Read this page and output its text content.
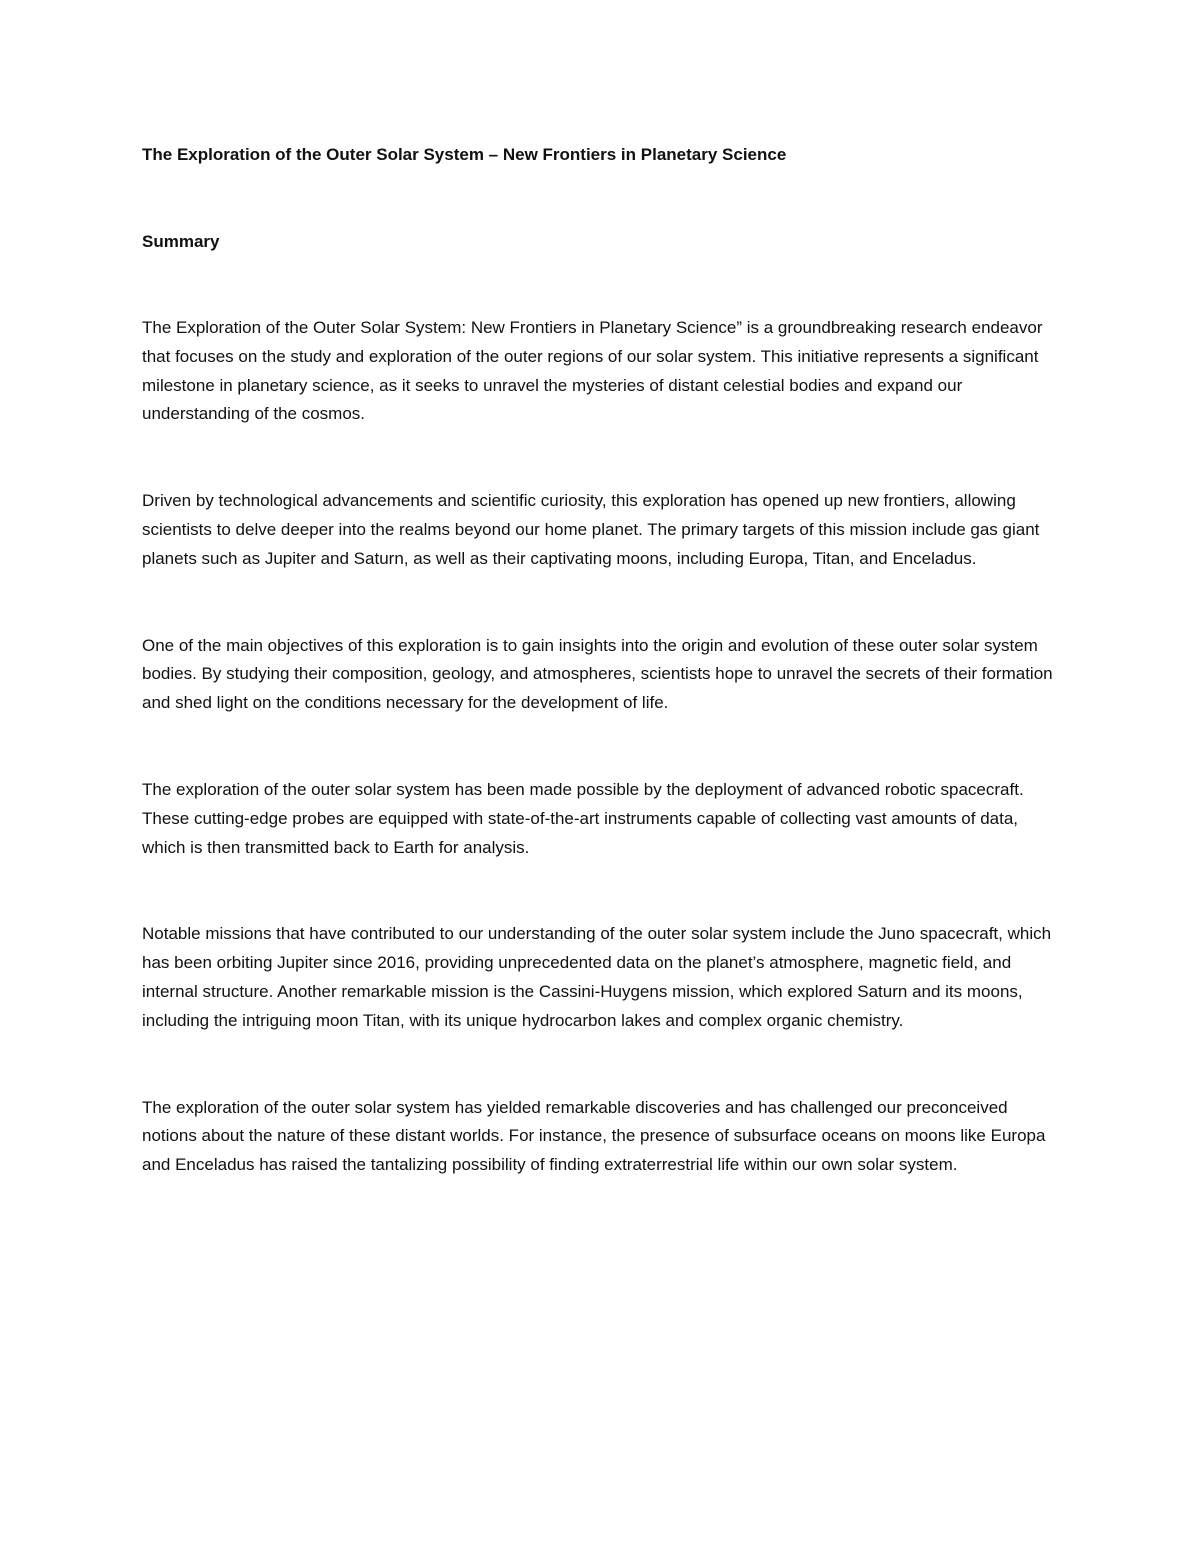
The Exploration of the Outer Solar System – New Frontiers in Planetary Science
Summary

The Exploration of the Outer Solar System: New Frontiers in Planetary Science” is a groundbreaking research endeavor that focuses on the study and exploration of the outer regions of our solar system. This initiative represents a significant milestone in planetary science, as it seeks to unravel the mysteries of distant celestial bodies and expand our understanding of the cosmos.

Driven by technological advancements and scientific curiosity, this exploration has opened up new frontiers, allowing scientists to delve deeper into the realms beyond our home planet. The primary targets of this mission include gas giant planets such as Jupiter and Saturn, as well as their captivating moons, including Europa, Titan, and Enceladus.

One of the main objectives of this exploration is to gain insights into the origin and evolution of these outer solar system bodies. By studying their composition, geology, and atmospheres, scientists hope to unravel the secrets of their formation and shed light on the conditions necessary for the development of life.

The exploration of the outer solar system has been made possible by the deployment of advanced robotic spacecraft. These cutting-edge probes are equipped with state-of-the-art instruments capable of collecting vast amounts of data, which is then transmitted back to Earth for analysis.

Notable missions that have contributed to our understanding of the outer solar system include the Juno spacecraft, which has been orbiting Jupiter since 2016, providing unprecedented data on the planet’s atmosphere, magnetic field, and internal structure. Another remarkable mission is the Cassini-Huygens mission, which explored Saturn and its moons, including the intriguing moon Titan, with its unique hydrocarbon lakes and complex organic chemistry.

The exploration of the outer solar system has yielded remarkable discoveries and has challenged our preconceived notions about the nature of these distant worlds. For instance, the presence of subsurface oceans on moons like Europa and Enceladus has raised the tantalizing possibility of finding extraterrestrial life within our own solar system.
